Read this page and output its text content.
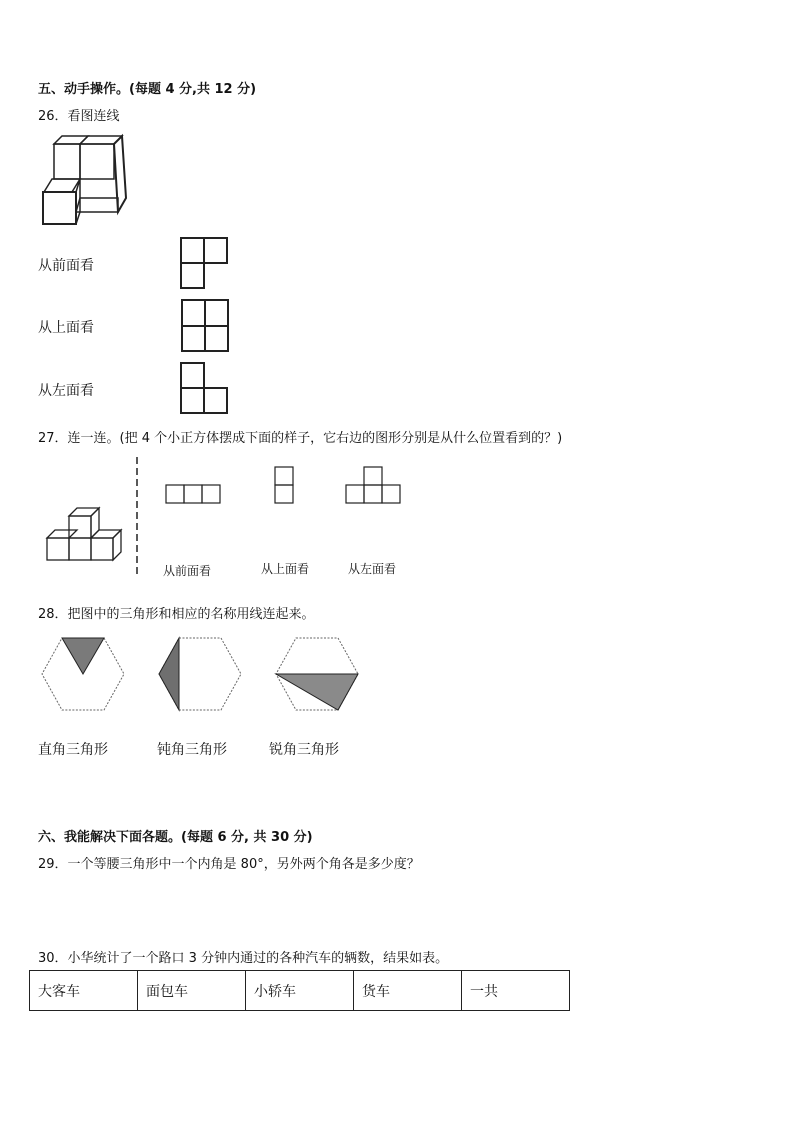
五、动手操作。(每题 4 分,共 12 分)
26．看图连线
从前面看
从上面看
从左面看
27．连一连。(把 4 个小正方体摆成下面的样子，它右边的图形分别是从什么位置看到的？)
从前面看	从上面看	从左面看
28．把图中的三角形和相应的名称用线连起来。
直角三角形	钝角三角形	锐角三角形
六、我能解决下面各题。(每题 6 分, 共 30 分)
29．一个等腰三角形中一个内角是 80°，另外两个角各是多少度？
30．小华统计了一个路口 3 分钟内通过的各种汽车的辆数，结果如表。
大客车	面包车	小轿车	货车	一共
